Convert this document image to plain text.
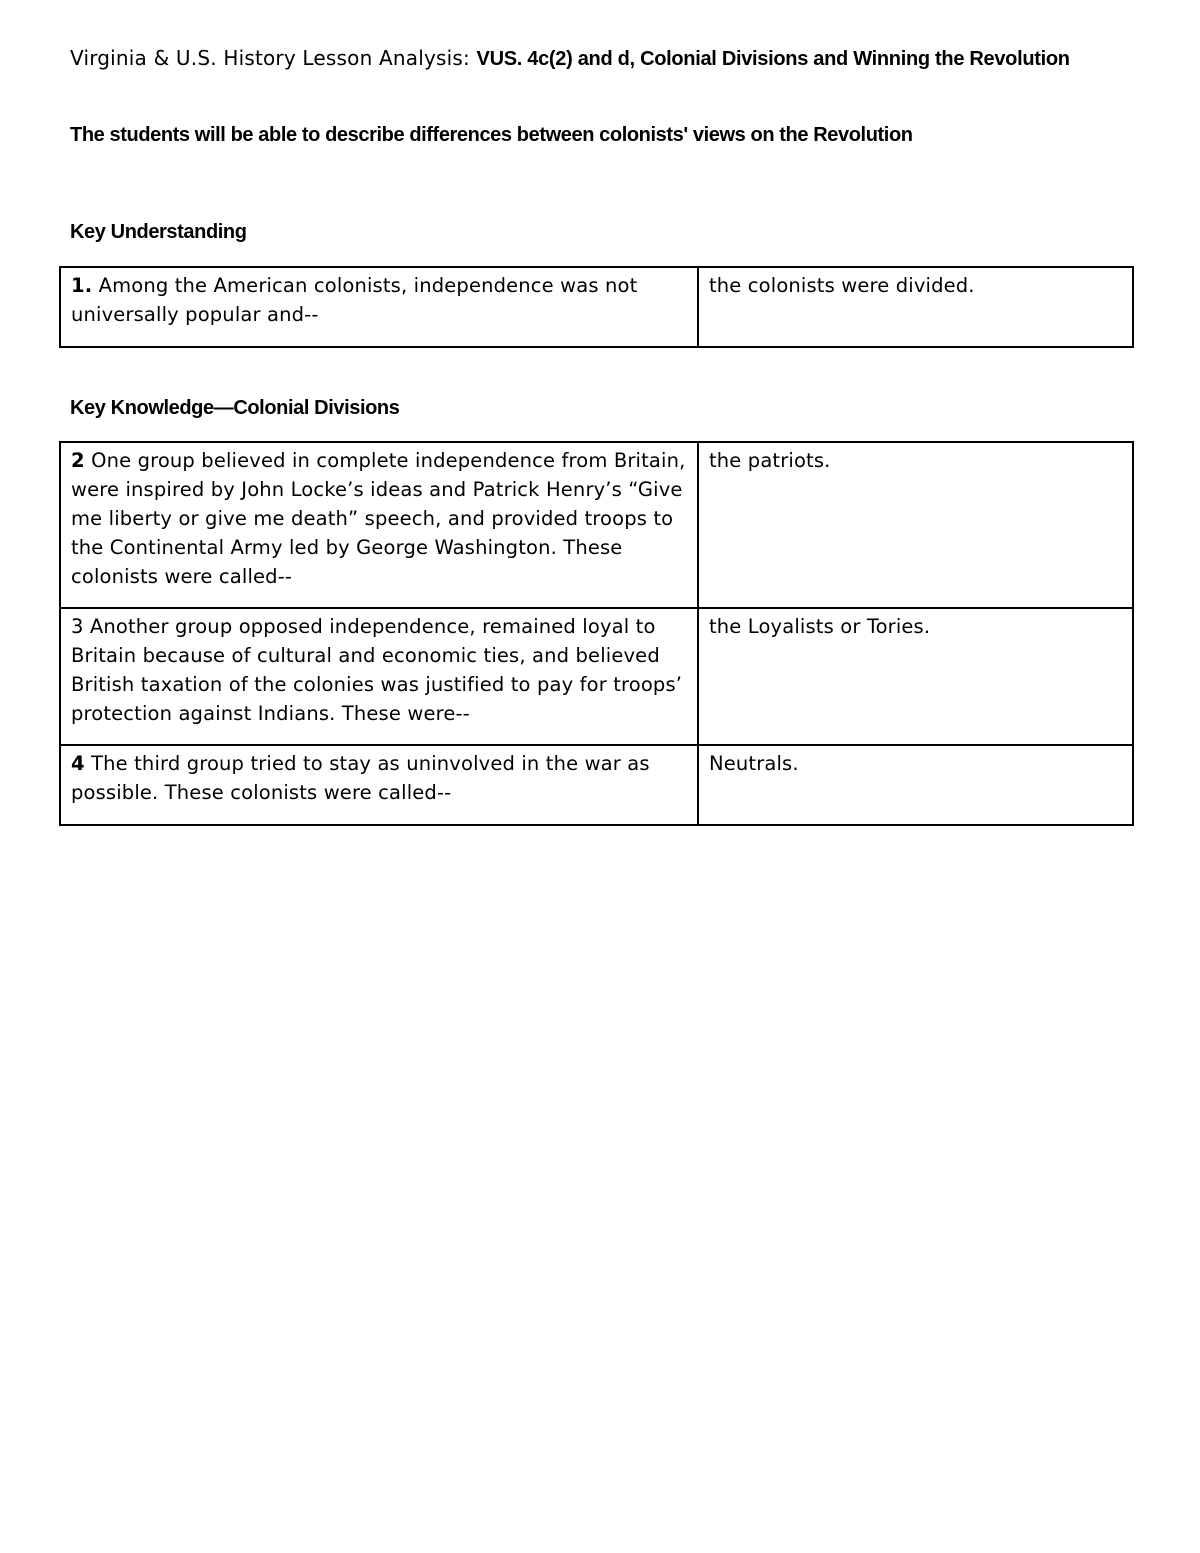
Virginia & U.S. History Lesson Analysis: VUS. 4c(2) and d, Colonial Divisions and Winning the Revolution
The students will be able to describe differences between colonists' views on the Revolution
Key Understanding
1. Among the American colonists, independence was not universally popular and--	the colonists were divided.
Key Knowledge—Colonial Divisions
2 One group believed in complete independence from Britain, were inspired by John Locke’s ideas and Patrick Henry’s “Give me liberty or give me death” speech, and provided troops to the Continental Army led by George Washington. These colonists were called--	the patriots.
3 Another group opposed independence, remained loyal to Britain because of cultural and economic ties, and believed British taxation of the colonies was justified to pay for troops’ protection against Indians. These were--	the Loyalists or Tories.
4 The third group tried to stay as uninvolved in the war as possible. These colonists were called--	Neutrals.
